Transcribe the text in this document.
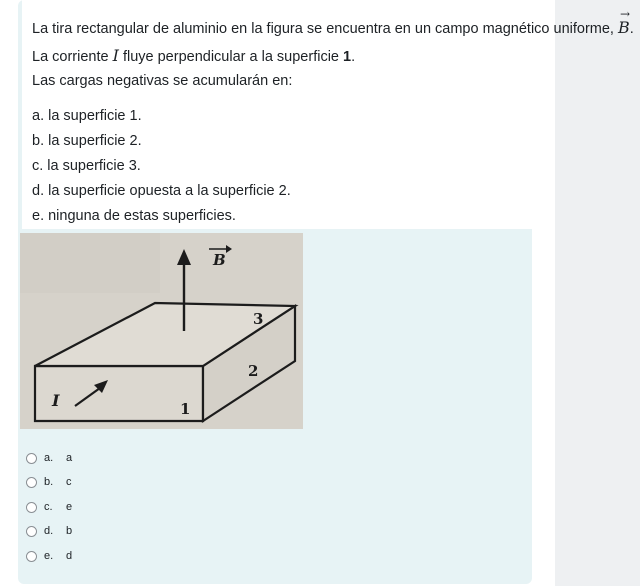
La tira rectangular de aluminio en la figura se encuentra en un campo magnético uniforme, → B.
La corriente I fluye perpendicular a la superficie 1.
Las cargas negativas se acumularán en:
a. la superficie 1.
b. la superficie 2.
c. la superficie 3.
d. la superficie opuesta a la superficie 2.
e. ninguna de estas superficies.
B
I	1
2
3
a.	a
b.	c
c.	e
d.	b
e.	d
